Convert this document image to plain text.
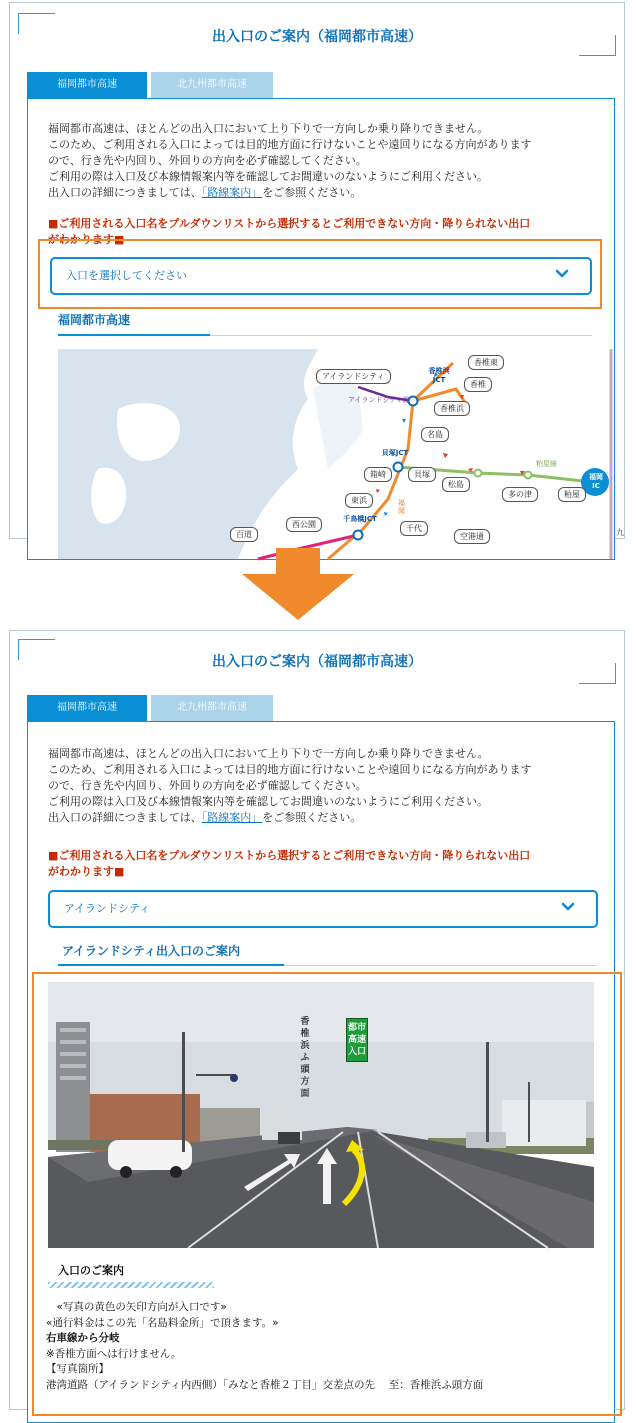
出入口のご案内（福岡都市高速）
福岡都市高速	北九州都市高速
福岡都市高速は、ほとんどの出入口において上り下りで一方向しか乗り降りできません。
このため、ご利用される入口によっては目的地方面に行けないことや遠回りになる方向があります
ので、行き先や内回り、外回りの方向を必ず確認してください。
ご利用の際は入口及び本線情報案内等を確認してお間違いのないようにご利用ください。
出入口の詳細につきましては、「路線案内」をご参照ください。
■ご利用される入口名をプルダウンリストから選択するとご利用できない方向・降りられない出口
がわかります■
入口を選択してください
福岡都市高速
アイランドシティ
香椎東
香椎
香椎浜
名島
貝塚
箱崎
松島
多の津	粕屋
東浜
西公園	千代
空港通
百道
香椎浜 JCT
貝塚JCT
千鳥橋JCT
アイランドシティ線
粕屋線
福岡
福岡 IC
九
出入口のご案内（福岡都市高速）
福岡都市高速	北九州都市高速
福岡都市高速は、ほとんどの出入口において上り下りで一方向しか乗り降りできません。
このため、ご利用される入口によっては目的地方面に行けないことや遠回りになる方向があります
ので、行き先や内回り、外回りの方向を必ず確認してください。
ご利用の際は入口及び本線情報案内等を確認してお間違いのないようにご利用ください。
出入口の詳細につきましては、「路線案内」をご参照ください。
■ご利用される入口名をプルダウンリストから選択するとご利用できない方向・降りられない出口
がわかります■
アイランドシティ
アイランドシティ出入口のご案内
都市高速入口
香椎浜ふ頭方面
入口のご案内
　«写真の黄色の矢印方向が入口です»
«通行料金はこの先「名島料金所」で頂きます。»
右車線から分岐
※香椎方面へは行けません。
【写真箇所】
港湾道路（アイランドシティ内西側）「みなと香椎２丁目」交差点の先　 至：香椎浜ふ頭方面
